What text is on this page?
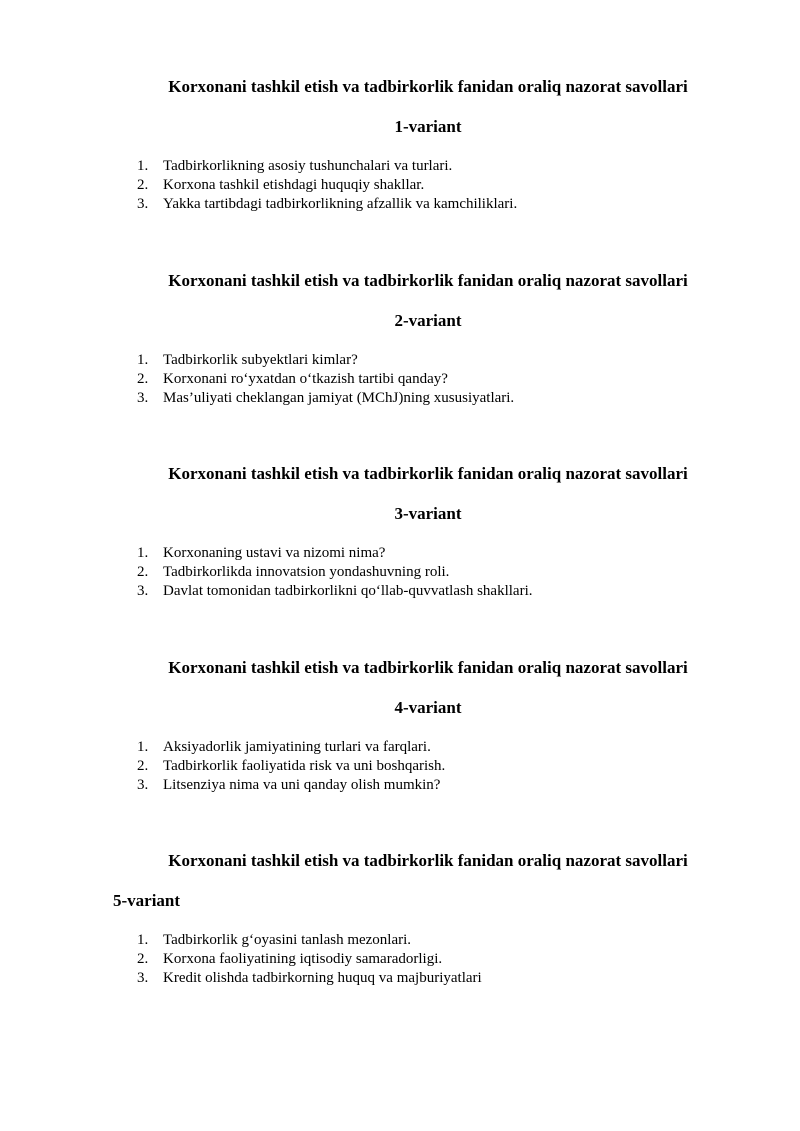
Korxonani tashkil etish va tadbirkorlik fanidan oraliq nazorat savollari
1-variant
1. Tadbirkorlikning asosiy tushunchalari va turlari.
2. Korxona tashkil etishdagi huquqiy shakllar.
3. Yakka tartibdagi tadbirkorlikning afzallik va kamchiliklari.
Korxonani tashkil etish va tadbirkorlik fanidan oraliq nazorat savollari
2-variant
1. Tadbirkorlik subyektlari kimlar?
2. Korxonani ro‘yxatdan o‘tkazish tartibi qanday?
3. Mas’uliyati cheklangan jamiyat (MChJ)ning xususiyatlari.
Korxonani tashkil etish va tadbirkorlik fanidan oraliq nazorat savollari
3-variant
1. Korxonaning ustavi va nizomi nima?
2. Tadbirkorlikda innovatsion yondashuvning roli.
3. Davlat tomonidan tadbirkorlikni qo‘llab-quvvatlash shakllari.
Korxonani tashkil etish va tadbirkorlik fanidan oraliq nazorat savollari
4-variant
1. Aksiyadorlik jamiyatining turlari va farqlari.
2. Tadbirkorlik faoliyatida risk va uni boshqarish.
3. Litsenziya nima va uni qanday olish mumkin?
Korxonani tashkil etish va tadbirkorlik fanidan oraliq nazorat savollari
5-variant
1. Tadbirkorlik g‘oyasini tanlash mezonlari.
2. Korxona faoliyatining iqtisodiy samaradorligi.
3. Kredit olishda tadbirkorning huquq va majburiyatlari
